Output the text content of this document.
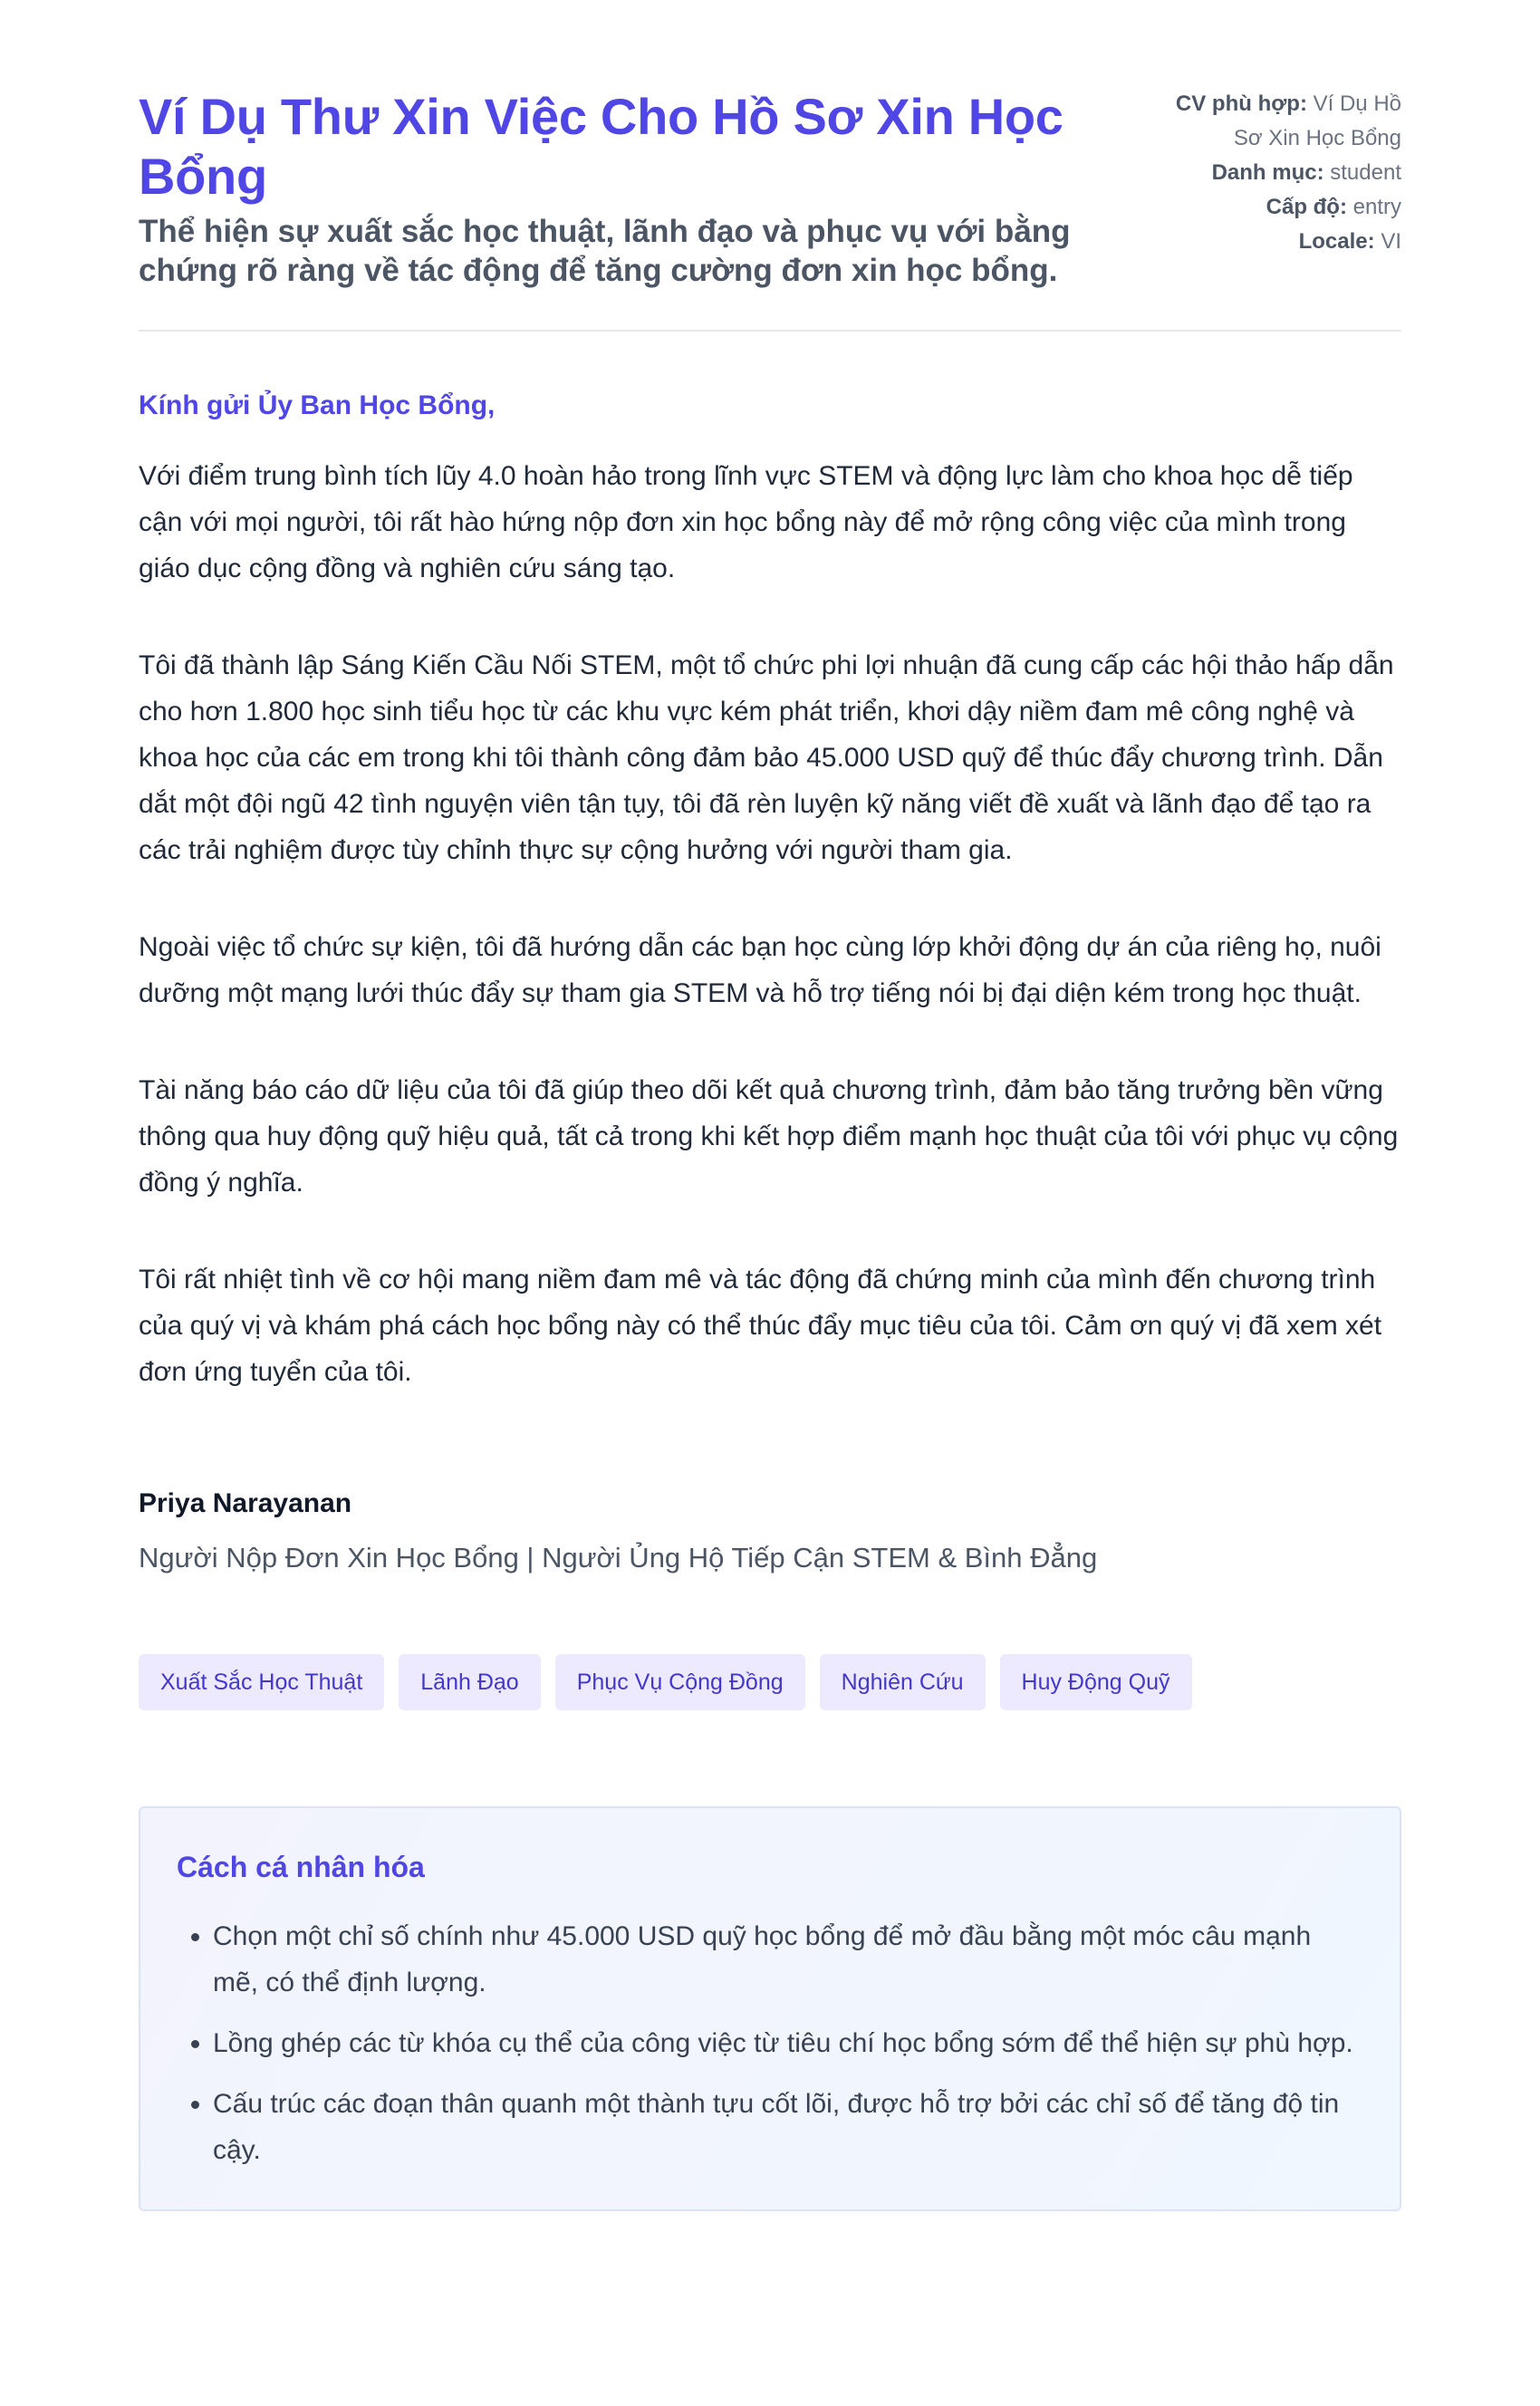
Ví Dụ Thư Xin Việc Cho Hồ Sơ Xin Học Bổng

Thể hiện sự xuất sắc học thuật, lãnh đạo và phục vụ với bằng chứng rõ ràng về tác động để tăng cường đơn xin học bổng.

CV phù hợp: Ví Dụ Hồ Sơ Xin Học Bổng
Danh mục: student
Cấp độ: entry
Locale: VI

Kính gửi Ủy Ban Học Bổng,

Với điểm trung bình tích lũy 4.0 hoàn hảo trong lĩnh vực STEM và động lực làm cho khoa học dễ tiếp cận với mọi người, tôi rất hào hứng nộp đơn xin học bổng này để mở rộng công việc của mình trong giáo dục cộng đồng và nghiên cứu sáng tạo.

Tôi đã thành lập Sáng Kiến Cầu Nối STEM, một tổ chức phi lợi nhuận đã cung cấp các hội thảo hấp dẫn cho hơn 1.800 học sinh tiểu học từ các khu vực kém phát triển, khơi dậy niềm đam mê công nghệ và khoa học của các em trong khi tôi thành công đảm bảo 45.000 USD quỹ để thúc đẩy chương trình. Dẫn dắt một đội ngũ 42 tình nguyện viên tận tụy, tôi đã rèn luyện kỹ năng viết đề xuất và lãnh đạo để tạo ra các trải nghiệm được tùy chỉnh thực sự cộng hưởng với người tham gia.

Ngoài việc tổ chức sự kiện, tôi đã hướng dẫn các bạn học cùng lớp khởi động dự án của riêng họ, nuôi dưỡng một mạng lưới thúc đẩy sự tham gia STEM và hỗ trợ tiếng nói bị đại diện kém trong học thuật.

Tài năng báo cáo dữ liệu của tôi đã giúp theo dõi kết quả chương trình, đảm bảo tăng trưởng bền vững thông qua huy động quỹ hiệu quả, tất cả trong khi kết hợp điểm mạnh học thuật của tôi với phục vụ cộng đồng ý nghĩa.

Tôi rất nhiệt tình về cơ hội mang niềm đam mê và tác động đã chứng minh của mình đến chương trình của quý vị và khám phá cách học bổng này có thể thúc đẩy mục tiêu của tôi. Cảm ơn quý vị đã xem xét đơn ứng tuyển của tôi.

Priya Narayanan
Người Nộp Đơn Xin Học Bổng | Người Ủng Hộ Tiếp Cận STEM & Bình Đẳng
Xuất Sắc Học Thuật	Lãnh Đạo	Phục Vụ Cộng Đồng	Nghiên Cứu	Huy Động Quỹ
Cách cá nhân hóa
• Chọn một chỉ số chính như 45.000 USD quỹ học bổng để mở đầu bằng một móc câu mạnh mẽ, có thể định lượng.
• Lồng ghép các từ khóa cụ thể của công việc từ tiêu chí học bổng sớm để thể hiện sự phù hợp.
• Cấu trúc các đoạn thân quanh một thành tựu cốt lõi, được hỗ trợ bởi các chỉ số để tăng độ tin cậy.
